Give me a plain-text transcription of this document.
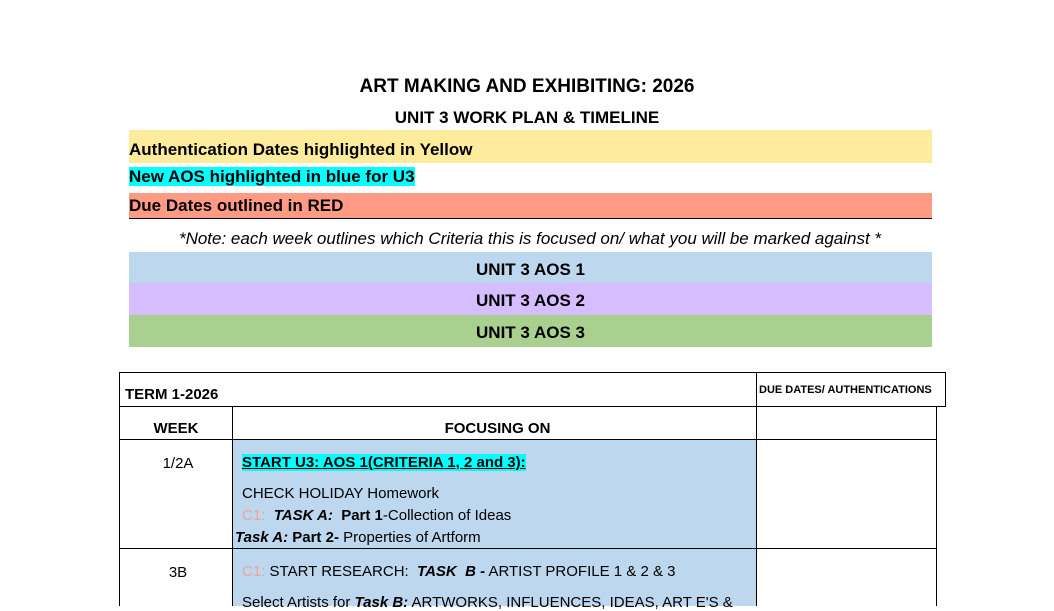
ART MAKING AND EXHIBITING: 2026
UNIT 3 WORK PLAN & TIMELINE
Authentication Dates highlighted in Yellow
New AOS highlighted in blue for U3
Due Dates outlined in RED
*Note: each week outlines which Criteria this is focused on/ what you will be marked against *
UNIT 3 AOS 1
UNIT 3 AOS 2
UNIT 3 AOS 3
TERM 1-2026	DUE DATES/ AUTHENTICATIONS
WEEK	FOCUSING ON
1/2A	START U3: AOS 1(CRITERIA 1, 2 and 3):
CHECK HOLIDAY Homework
C1: TASK A: Part 1-Collection of Ideas
Task A: Part 2- Properties of Artform
3B	C1: START RESEARCH:  TASK  B - ARTIST PROFILE 1 & 2 & 3
Select Artists for Task B: ARTWORKS, INFLUENCES, IDEAS, ART E'S &
